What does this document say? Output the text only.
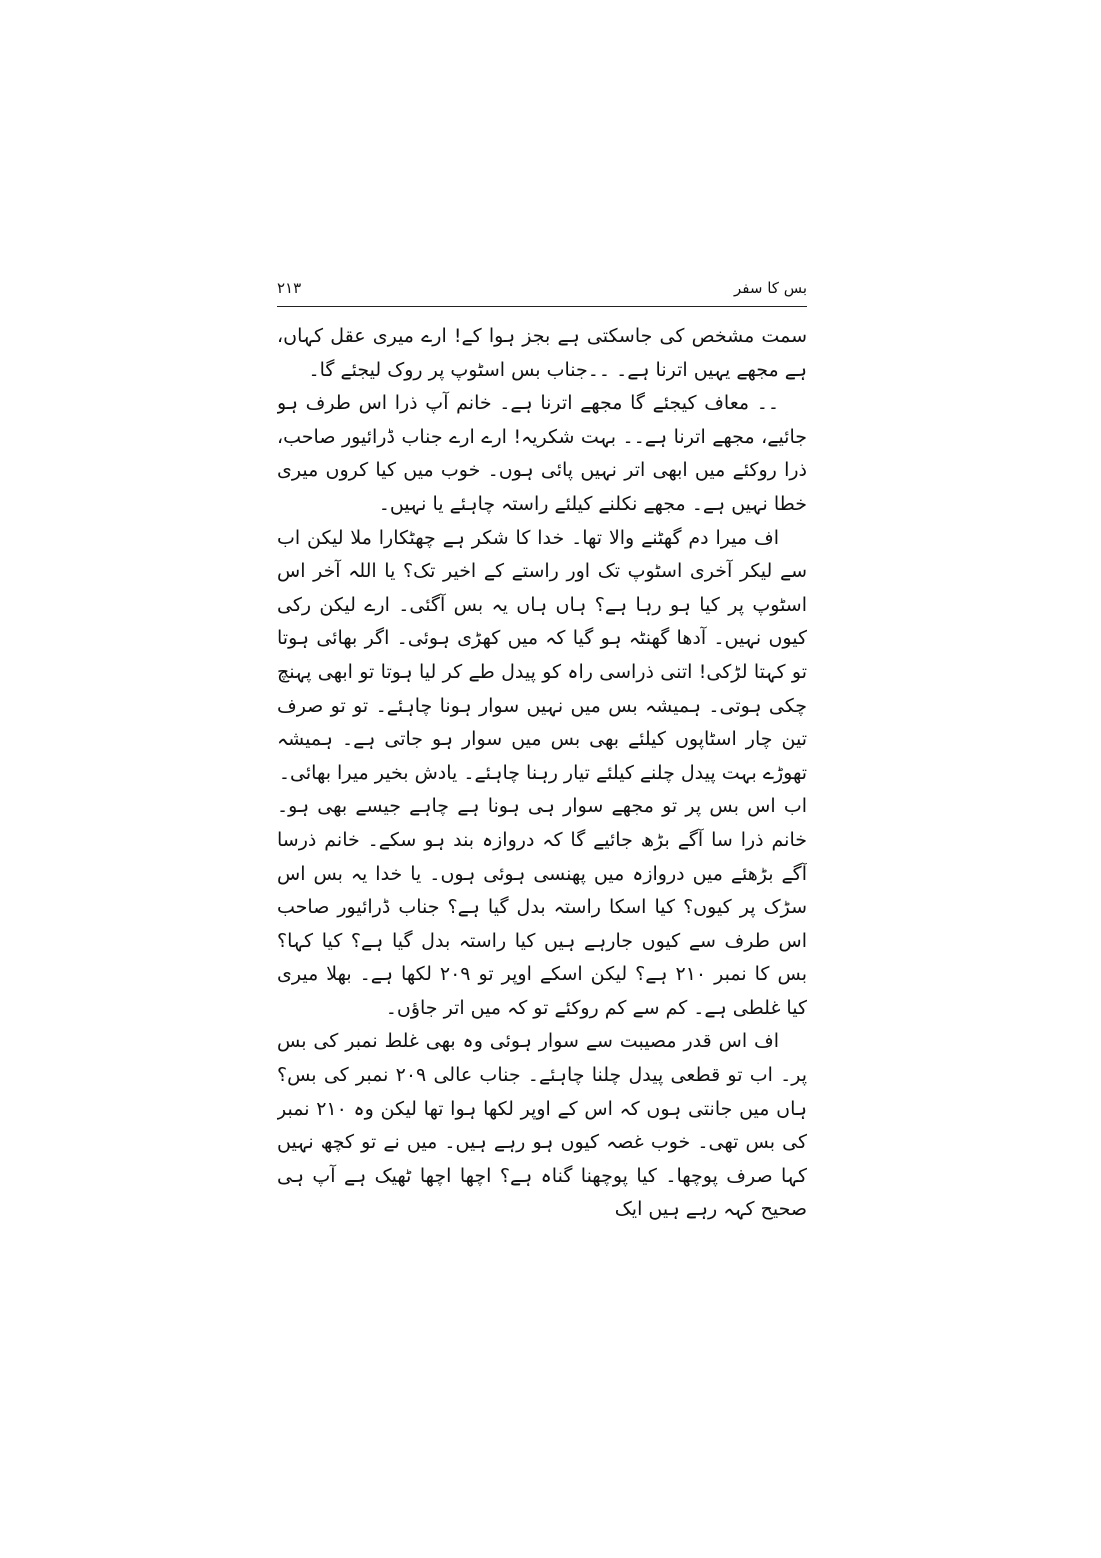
بس کا سفر
۲۱۳

سمت مشخص کی جاسکتی ہے بجز ہوا کے! ارے میری عقل کہاں، ہے مجھے یہیں اترنا ہے۔ ۔۔جناب بس اسٹوپ پر روک لیجئے گا۔

۔۔ معاف کیجئے گا مجھے اترنا ہے۔ خانم آپ ذرا اس طرف ہو جائیے، مجھے اترنا ہے۔۔ بہت شکریہ! ارے ارے جناب ڈرائیور صاحب، ذرا روکئے میں ابھی اتر نہیں پائی ہوں۔ خوب میں کیا کروں میری خطا نہیں ہے۔ مجھے نکلنے کیلئے راستہ چاہئے یا نہیں۔

اف میرا دم گھٹنے والا تھا۔ خدا کا شکر ہے چھٹکارا ملا لیکن اب سے لیکر آخری اسٹوپ تک اور راستے کے اخیر تک؟ یا اللہ آخر اس اسٹوپ پر کیا ہو رہا ہے؟ ہاں ہاں یہ بس آگئی۔ ارے لیکن رکی کیوں نہیں۔ آدھا گھنٹہ ہو گیا کہ میں کھڑی ہوئی۔ اگر بھائی ہوتا تو کہتا لڑکی! اتنی ذراسی راہ کو پیدل طے کر لیا ہوتا تو ابھی پہنچ چکی ہوتی۔ ہمیشہ بس میں نہیں سوار ہونا چاہئے۔ تو تو صرف تین چار اسٹاپوں کیلئے بھی بس میں سوار ہو جاتی ہے۔ ہمیشہ تھوڑے بہت پیدل چلنے کیلئے تیار رہنا چاہئے۔ یادش بخیر میرا بھائی۔

اب اس بس پر تو مجھے سوار ہی ہونا ہے چاہے جیسے بھی ہو۔ خانم ذرا سا آگے بڑھ جائیے گا کہ دروازہ بند ہو سکے۔ خانم ذرسا آگے بڑھئے میں دروازہ میں پھنسی ہوئی ہوں۔ یا خدا یہ بس اس سڑک پر کیوں؟ کیا اسکا راستہ بدل گیا ہے؟ جناب ڈرائیور صاحب اس طرف سے کیوں جارہے ہیں کیا راستہ بدل گیا ہے؟ کیا کہا؟ بس کا نمبر ۲۱۰ ہے؟ لیکن اسکے اوپر تو ۲۰۹ لکھا ہے۔ بھلا میری کیا غلطی ہے۔ کم سے کم روکئے تو کہ میں اتر جاؤں۔

اف اس قدر مصیبت سے سوار ہوئی وہ بھی غلط نمبر کی بس پر۔ اب تو قطعی پیدل چلنا چاہئے۔ جناب عالی ۲۰۹ نمبر کی بس؟ ہاں میں جانتی ہوں کہ اس کے اوپر لکھا ہوا تھا لیکن وہ ۲۱۰ نمبر کی بس تھی۔ خوب غصہ کیوں ہو رہے ہیں۔ میں نے تو کچھ نہیں کہا صرف پوچھا۔ کیا پوچھنا گناہ ہے؟ اچھا اچھا ٹھیک ہے آپ ہی صحیح کہہ رہے ہیں ایک
